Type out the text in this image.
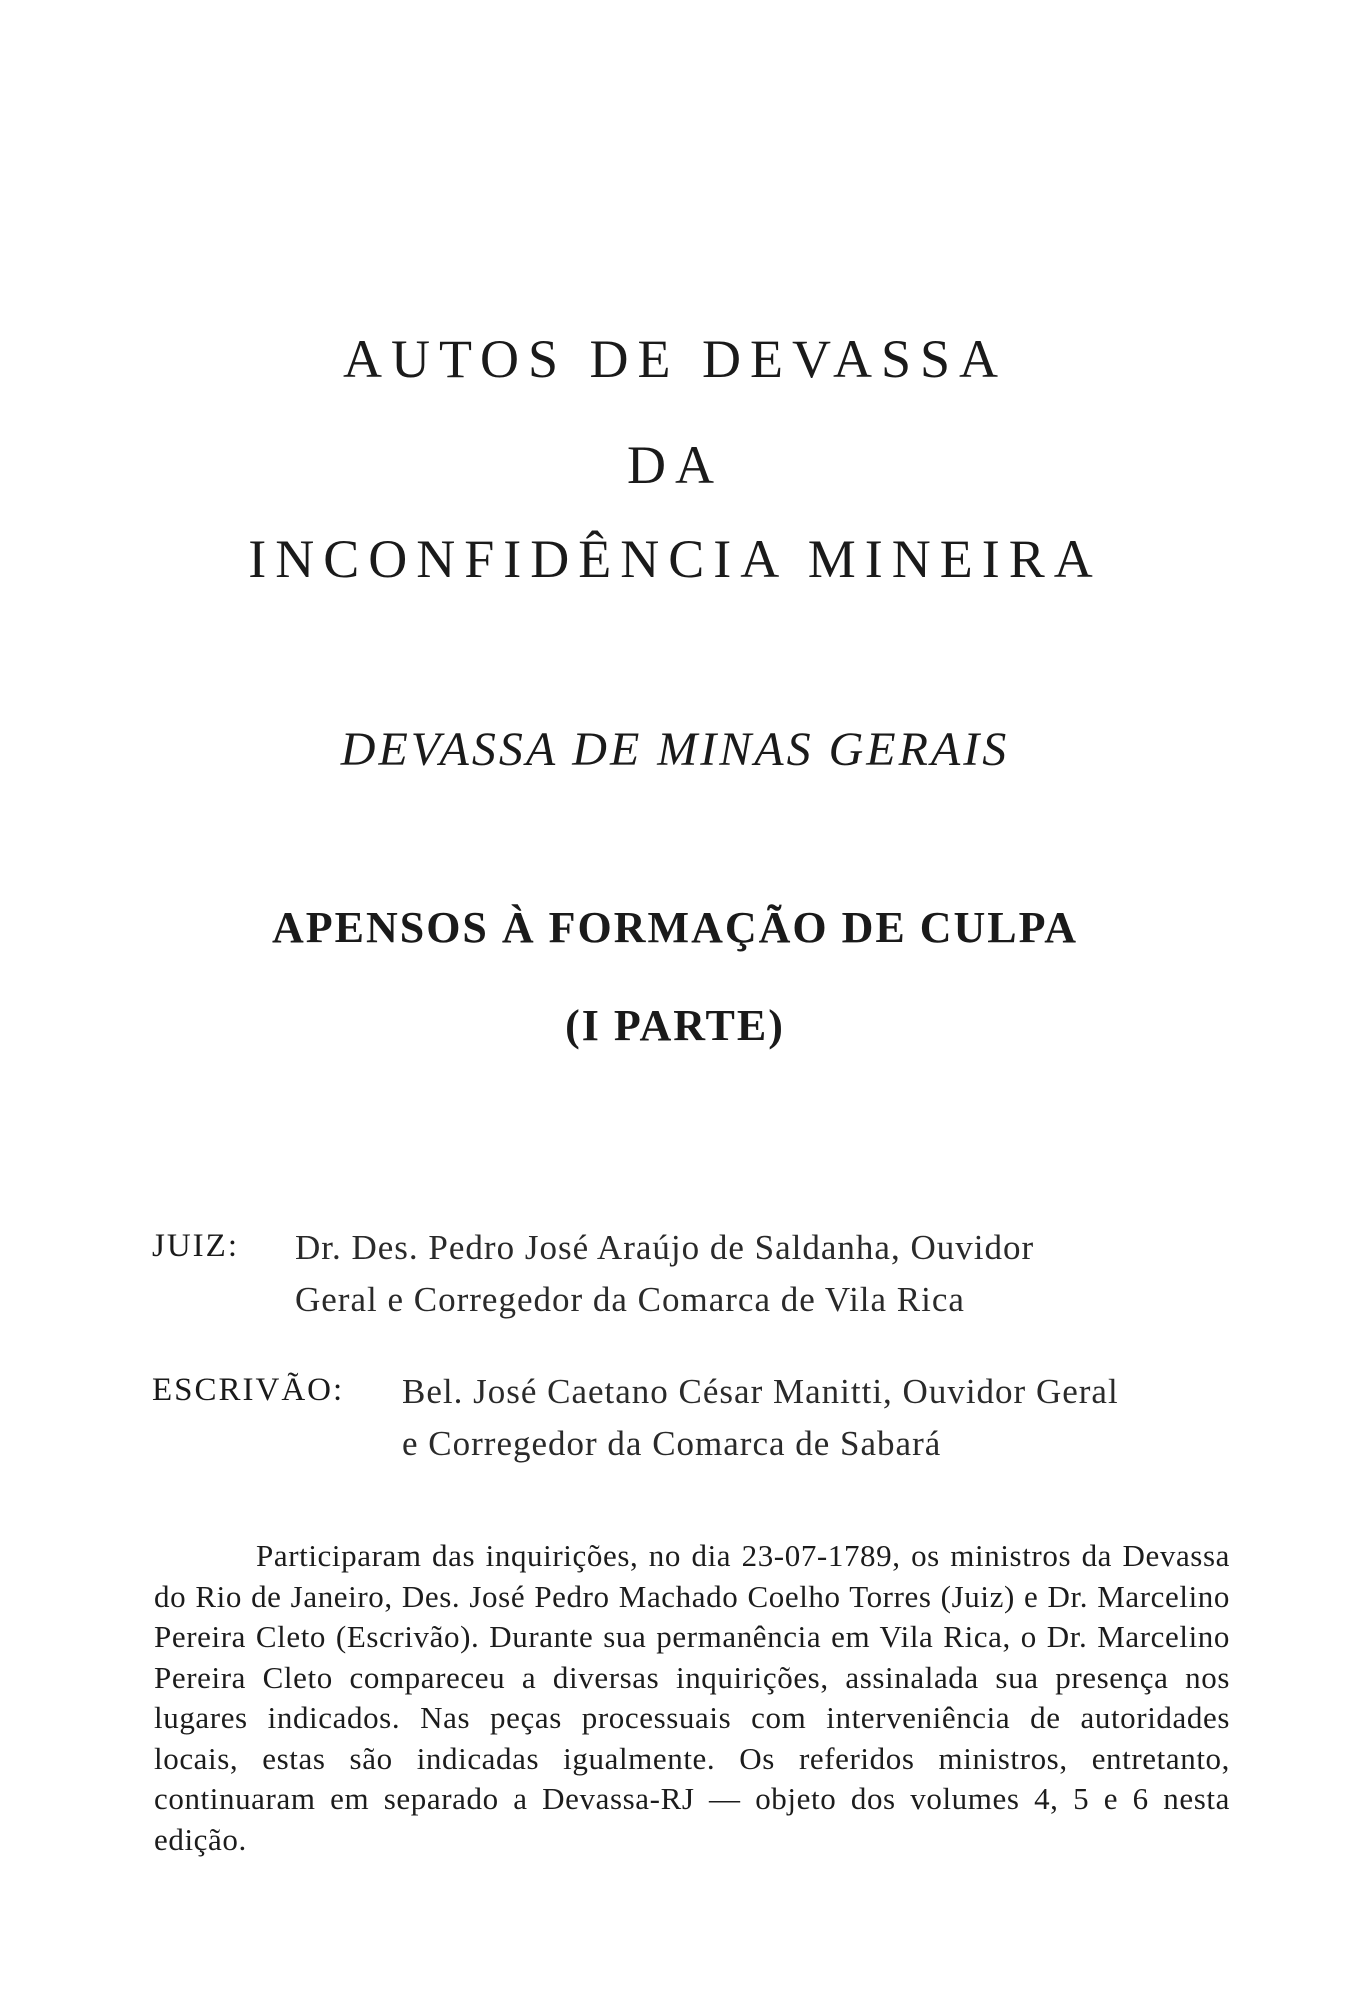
AUTOS DE DEVASSA
DA
INCONFIDÊNCIA MINEIRA
DEVASSA DE MINAS GERAIS
APENSOS À FORMAÇÃO DE CULPA
(I PARTE)
JUIZ: Dr. Des. Pedro José Araújo de Saldanha, Ouvidor
Geral e Corregedor da Comarca de Vila Rica
ESCRIVÃO: Bel. José Caetano César Manitti, Ouvidor Geral
e Corregedor da Comarca de Sabará

Participaram das inquirições, no dia 23-07-1789, os ministros da Devassa do Rio de Janeiro, Des. José Pedro Machado Coelho Torres (Juiz) e Dr. Marcelino Pereira Cleto (Escrivão). Durante sua permanência em Vila Rica, o Dr. Marcelino Pereira Cleto compareceu a diversas inquirições, assinalada sua presença nos lugares indicados. Nas peças processuais com interveniência de autoridades locais, estas são indicadas igualmente. Os referidos ministros, entretanto, continuaram em separado a Devassa-RJ — objeto dos volumes 4, 5 e 6 nesta edição.
